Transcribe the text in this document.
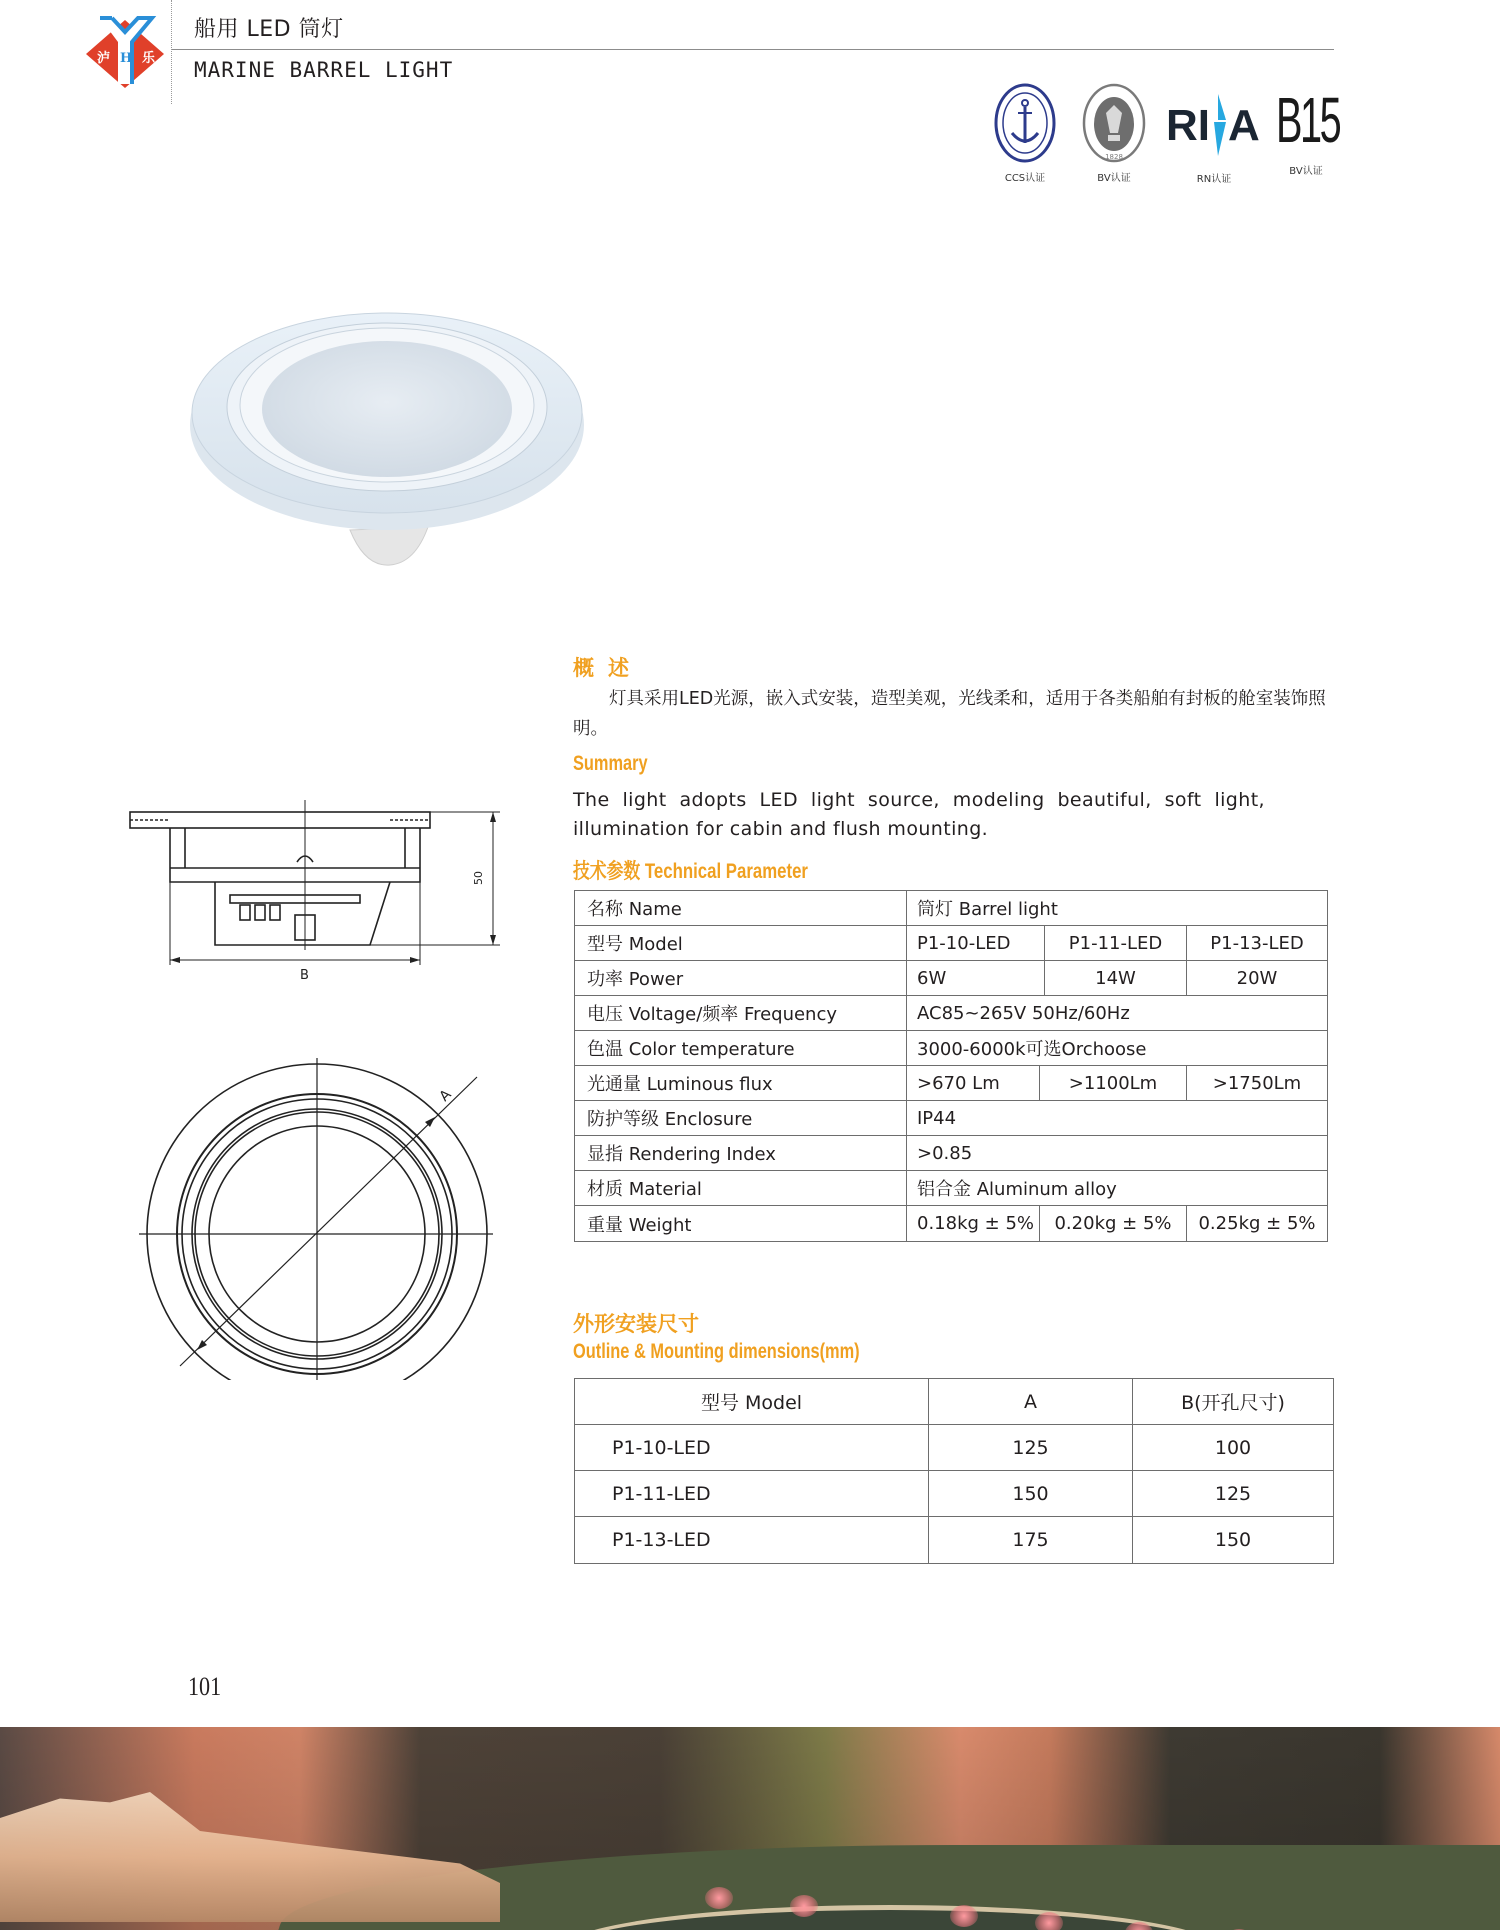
泸 H 乐
船用 LED 筒灯
MARINE BARREL LIGHT
CCS认证
1828
BV认证
RI A
RN认证
B15
BV认证
50
B
A
概述
灯具采用LED光源，嵌入式安装，造型美观，光线柔和，适用于各类船舶有封板的舱室装饰照明。
Summary
The light adopts LED light source, modeling beautiful, soft light, illumination for cabin and flush mounting.
技术参数 Technical Parameter
名称 Name	筒灯 Barrel light
型号 Model	P1-10-LED	P1-11-LED	P1-13-LED
功率 Power	6W	14W	20W
电压 Voltage/频率 Frequency	AC85~265V 50Hz/60Hz
色温 Color temperature	3000-6000k可选Orchoose
光通量 Luminous flux	>670 Lm	>1100Lm	>1750Lm
防护等级 Enclosure	IP44
显指 Rendering Index	>0.85
材质 Material	铝合金 Aluminum alloy
重量 Weight	0.18kg ± 5%	0.20kg ± 5%	0.25kg ± 5%
外形安装尺寸
Outline & Mounting dimensions(mm)
型号 Model	A	B(开孔尺寸)
P1-10-LED	125	100
P1-11-LED	150	125
P1-13-LED	175	150
101
